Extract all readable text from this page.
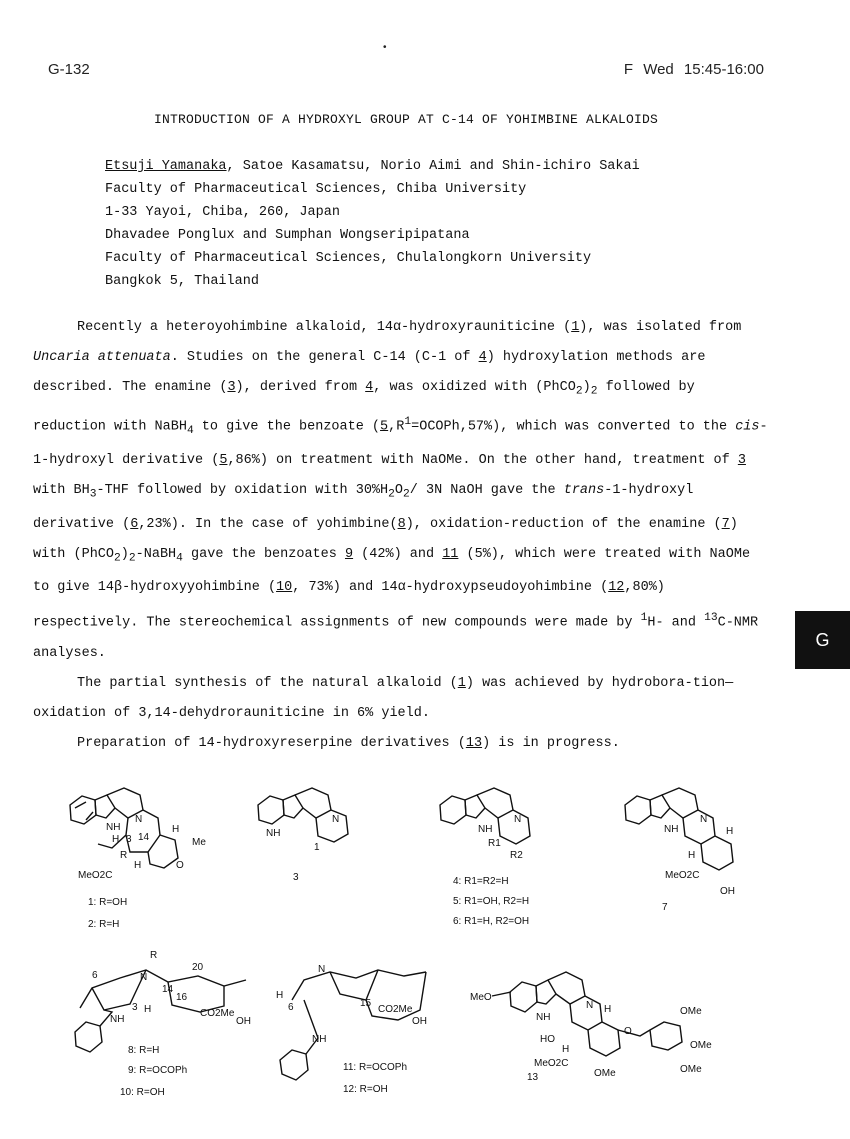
G-132
•
F Wed 15:45-16:00
INTRODUCTION OF A HYDROXYL GROUP AT C-14 OF YOHIMBINE ALKALOIDS
Etsuji Yamanaka, Satoe Kasamatsu, Norio Aimi and Shin-ichiro Sakai
Faculty of Pharmaceutical Sciences, Chiba University
1-33 Yayoi, Chiba, 260, Japan
Dhavadee Ponglux and Sumphan Wongseripipatana
Faculty of Pharmaceutical Sciences, Chulalongkorn University
Bangkok 5, Thailand

Recently a heteroyohimbine alkaloid, 14α-hydroxyrauniticine (1), was isolated from Uncaria attenuata. Studies on the general C-14 (C-1 of 4) hydroxylation methods are described. The enamine (3), derived from 4, was oxidized with $(PhCO_2)_2$ followed by reduction with NaBH$_4$ to give the benzoate $(5,R^1=OCOPh,57\%)$, which was converted to the cis-1-hydroxyl derivative (5,86%) on treatment with NaOMe. On the other hand, treatment of 3 with $BH_3$-THF followed by oxidation with $30\%H_2O_2/$ 3N NaOH gave the trans-1-hydroxyl derivative (6,23%). In the case of yohimbine(8), oxidation-reduction of the enamine (7) with $(PhCO_2)_2-NaBH_4$ gave the benzoates 9 (42%) and 11 (5%), which were treated with NaOMe to give 14β-hydroxyyohimbine (10, 73%) and 14α-hydroxypseudoyohimbine (12,80%) respectively. The stereochemical assignments of new compounds were made by $^1$H- and $^{13}$C-NMR analyses.

The partial synthesis of the natural alkaloid (1) was achieved by hydrobora-tion—oxidation of 3,14-dehydrorauniticine in 6% yield.

Preparation of 14-hydroxyreserpine derivatives (13) is in progress.

G
NH
N
H 3 14
H
Me
O
R
H
MeO2C
1: R=OH
2: R=H
NH
N
1
3
NH
N
R1
R2
4: R1=R2=H
5: R1=OH, R2=H
6: R1=H, R2=OH
NH
N
H
H
MeO2C
OH
7
N
R
6
NH
3 H
14
20
16
CO2Me
OH
8: R=H
9: R=OCOPh
10: R=OH
N
H
6
NH
15
CO2Me
OH
11: R=OCOPh
12: R=OH
MeO
NH
N H
HO
H
MeO2C
OMe
O
OMe
OMe
OMe
13
